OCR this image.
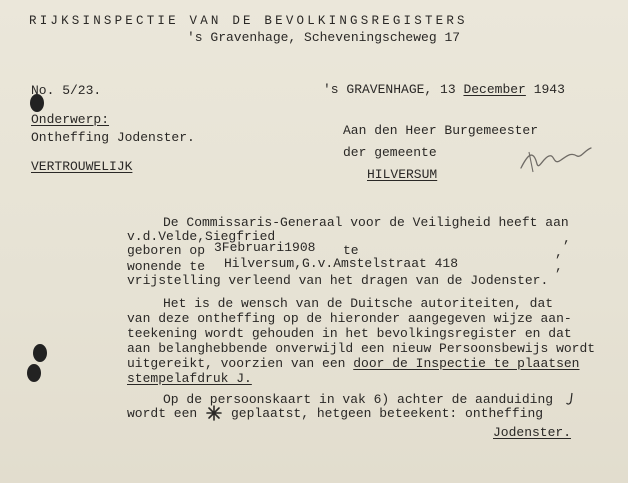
RIJKSINSPECTIE VAN DE BEVOLKINGSREGISTERS
's Gravenhage, Scheveningscheweg 17
No. 5/23.
Onderwerp:
Ontheffing Jodenster.
VERTROUWELIJK
's GRAVENHAGE, 13 December 1943
Aan den Heer Burgemeester
der gemeente
HILVERSUM
De Commissaris-Generaal voor de Veiligheid heeft aan
v.d.Velde,Siegfried	,
geboren op 3Februari1908 te	,
wonende te Hilversum,G.v.Amstelstraat 418	,
vrijstelling verleend van het dragen van de Jodenster.
Het is de wensch van de Duitsche autoriteiten, dat
van deze ontheffing op de hieronder aangegeven wijze aan-
teekening wordt gehouden in het bevolkingsregister en dat
aan belanghebbende onverwijld een nieuw Persoonsbewijs wordt
uitgereikt, voorzien van een door de Inspectie te plaatsen
stempelafdruk J.
Op de persoonskaart in vak 6) achter de aanduiding
wordt een	geplaatst, hetgeen beteekent: ontheffing
Jodenster.
